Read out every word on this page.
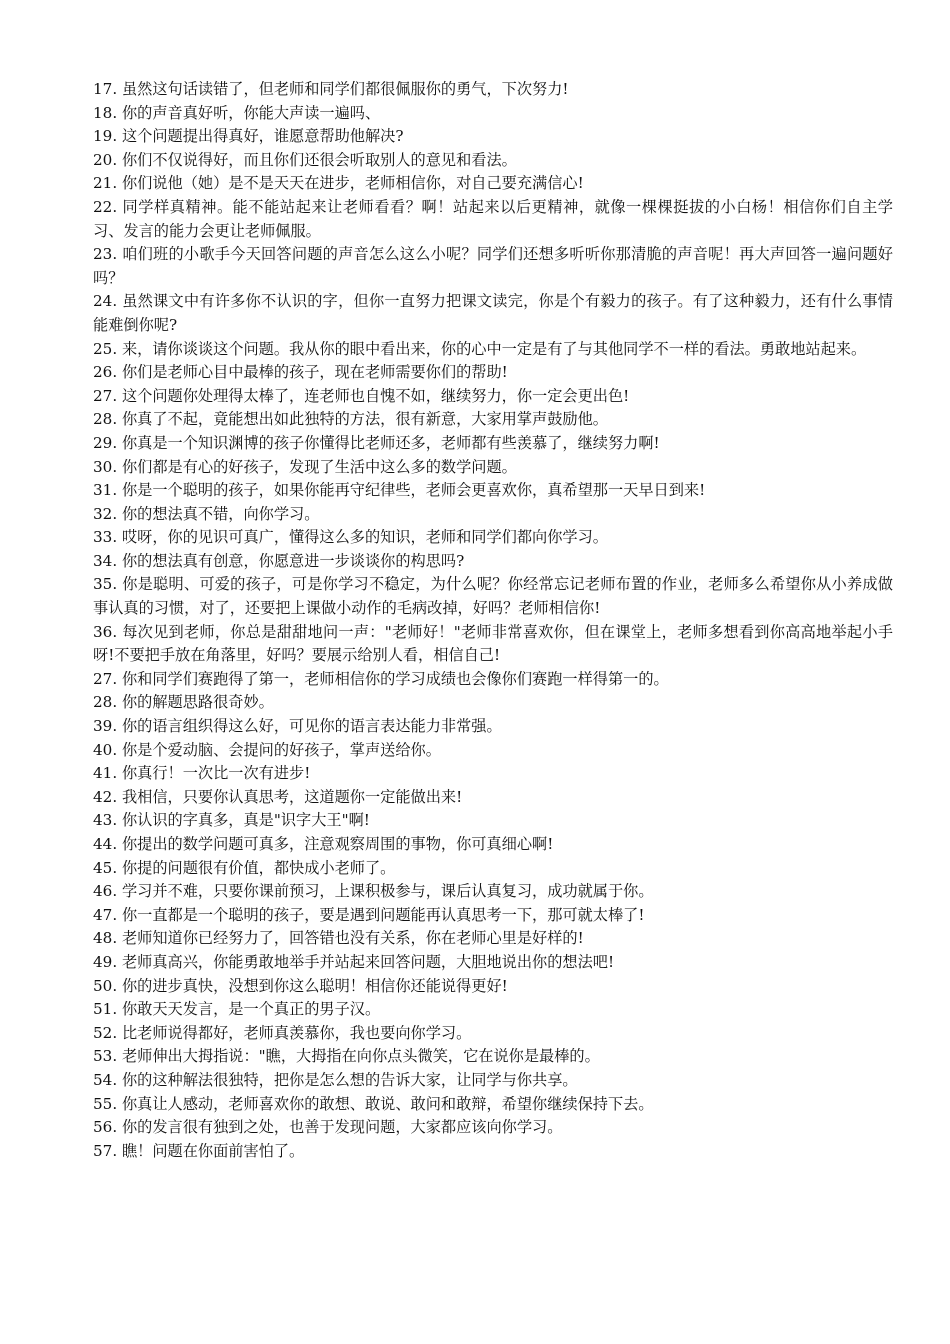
17. 虽然这句话读错了，但老师和同学们都很佩服你的勇气，下次努力!

18. 你的声音真好听，你能大声读一遍吗、

19. 这个问题提出得真好，谁愿意帮助他解决?

20. 你们不仅说得好，而且你们还很会听取别人的意见和看法。

21. 你们说他（她）是不是天天在进步，老师相信你，对自己要充满信心!

22. 同学样真精神。能不能站起来让老师看看？啊！站起来以后更精神，就像一棵棵挺拔的小白杨！相信你们自主学习、发言的能力会更让老师佩服。

23. 咱们班的小歌手今天回答问题的声音怎么这么小呢？同学们还想多听听你那清脆的声音呢！再大声回答一遍问题好吗？

24. 虽然课文中有许多你不认识的字，但你一直努力把课文读完，你是个有毅力的孩子。有了这种毅力，还有什么事情能难倒你呢?

25. 来，请你谈谈这个问题。我从你的眼中看出来，你的心中一定是有了与其他同学不一样的看法。勇敢地站起来。

26. 你们是老师心目中最棒的孩子，现在老师需要你们的帮助!

27. 这个问题你处理得太棒了，连老师也自愧不如，继续努力，你一定会更出色!

28. 你真了不起，竟能想出如此独特的方法，很有新意，大家用掌声鼓励他。

29. 你真是一个知识渊博的孩子你懂得比老师还多，老师都有些羡慕了，继续努力啊!

30. 你们都是有心的好孩子，发现了生活中这么多的数学问题。

31. 你是一个聪明的孩子，如果你能再守纪律些，老师会更喜欢你，真希望那一天早日到来!

32. 你的想法真不错，向你学习。

33. 哎呀，你的见识可真广，懂得这么多的知识，老师和同学们都向你学习。

34. 你的想法真有创意，你愿意进一步谈谈你的构思吗?

35. 你是聪明、可爱的孩子，可是你学习不稳定，为什么呢？你经常忘记老师布置的作业，老师多么希望你从小养成做事认真的习惯，对了，还要把上课做小动作的毛病改掉，好吗？老师相信你!

36. 每次见到老师，你总是甜甜地问一声："老师好！"老师非常喜欢你，但在课堂上，老师多想看到你高高地举起小手呀!不要把手放在角落里，好吗？要展示给别人看，相信自己!

27. 你和同学们赛跑得了第一，老师相信你的学习成绩也会像你们赛跑一样得第一的。

28. 你的解题思路很奇妙。

39. 你的语言组织得这么好，可见你的语言表达能力非常强。

40. 你是个爱动脑、会提问的好孩子，掌声送给你。

41. 你真行！一次比一次有进步!

42. 我相信，只要你认真思考，这道题你一定能做出来!

43. 你认识的字真多，真是"识字大王"啊!

44. 你提出的数学问题可真多，注意观察周围的事物，你可真细心啊!

45. 你提的问题很有价值，都快成小老师了。

46. 学习并不难，只要你课前预习，上课积极参与，课后认真复习，成功就属于你。

47. 你一直都是一个聪明的孩子，要是遇到问题能再认真思考一下，那可就太棒了!

48. 老师知道你已经努力了，回答错也没有关系，你在老师心里是好样的!

49. 老师真高兴，你能勇敢地举手并站起来回答问题，大胆地说出你的想法吧!

50. 你的进步真快，没想到你这么聪明！相信你还能说得更好!

51. 你敢天天发言，是一个真正的男子汉。

52. 比老师说得都好，老师真羡慕你，我也要向你学习。

53. 老师伸出大拇指说："瞧，大拇指在向你点头微笑，它在说你是最棒的。

54. 你的这种解法很独特，把你是怎么想的告诉大家，让同学与你共享。

55. 你真让人感动，老师喜欢你的敢想、敢说、敢问和敢辩，希望你继续保持下去。

56. 你的发言很有独到之处，也善于发现问题，大家都应该向你学习。

57. 瞧！问题在你面前害怕了。
